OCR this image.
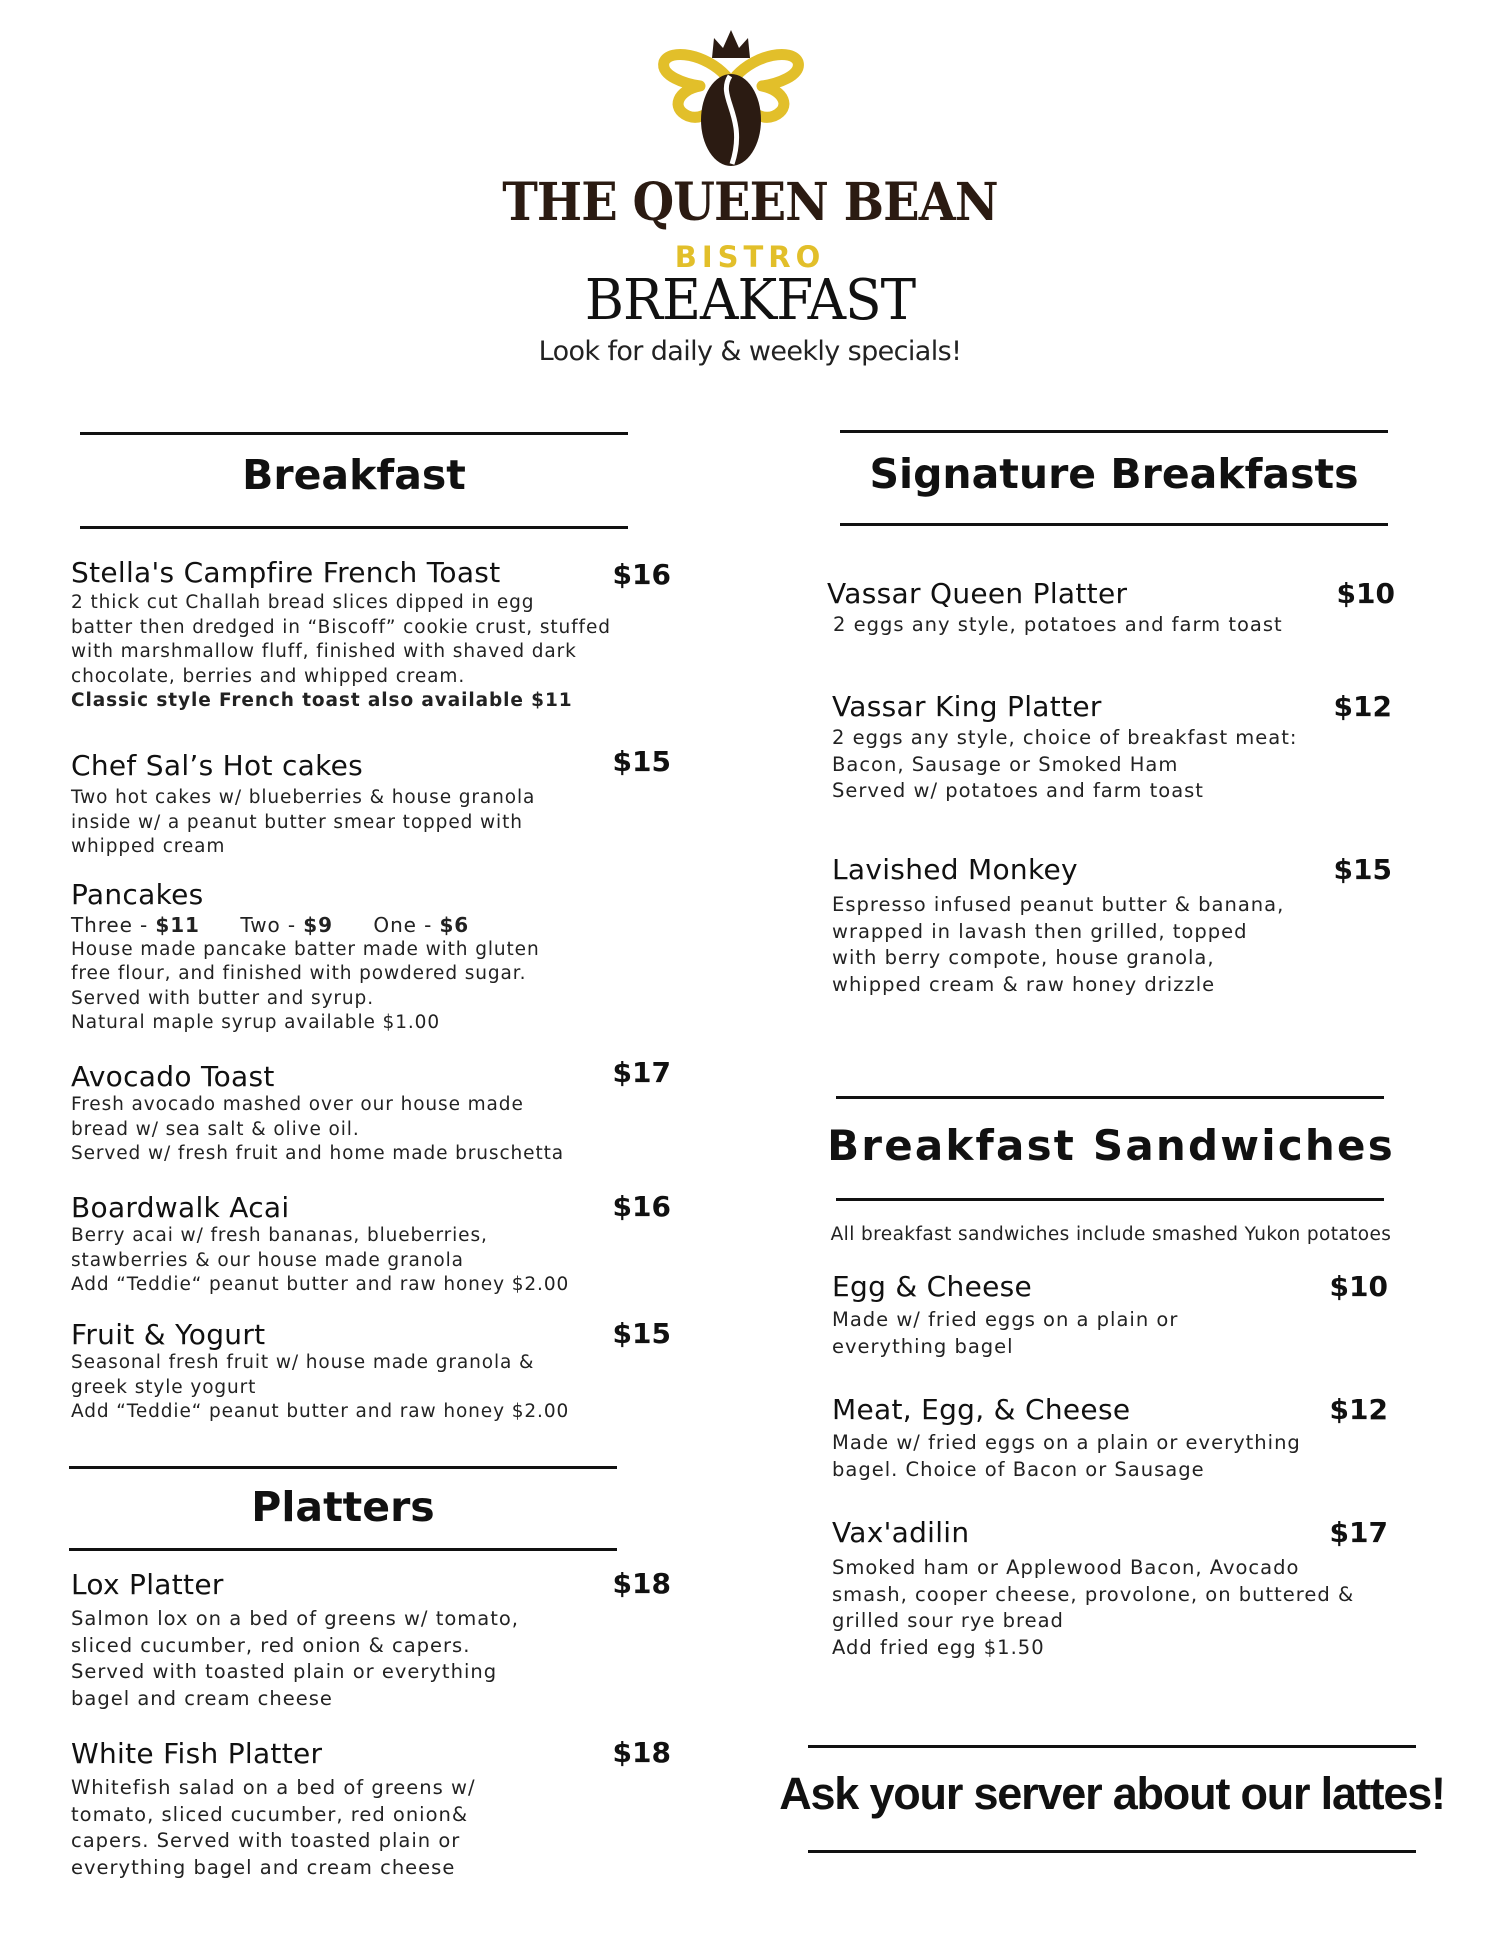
THE QUEEN BEAN
BISTRO
BREAKFAST
Look for daily & weekly specials!
Breakfast
Stella's Campfire French Toast	$16
2 thick cut Challah bread slices dipped in egg
batter then dredged in “Biscoff” cookie crust, stuffed
with marshmallow fluff, finished with shaved dark
chocolate, berries and whipped cream.
Classic style French toast also available $11
Chef Sal’s Hot cakes	$15
Two hot cakes w/ blueberries & house granola
inside w/ a peanut butter smear topped with
whipped cream
Pancakes
Three - $11 Two - $9 One - $6
House made pancake batter made with gluten
free flour, and finished with powdered sugar.
Served with butter and syrup.
Natural maple syrup available $1.00
Avocado Toast	$17
Fresh avocado mashed over our house made
bread w/ sea salt & olive oil.
Served w/ fresh fruit and home made bruschetta
Boardwalk Acai	$16
Berry acai w/ fresh bananas, blueberries,
stawberries & our house made granola
Add “Teddie“ peanut butter and raw honey $2.00
Fruit & Yogurt	$15
Seasonal fresh fruit w/ house made granola &
greek style yogurt
Add “Teddie“ peanut butter and raw honey $2.00
Platters
Lox Platter	$18
Salmon lox on a bed of greens w/ tomato,
sliced cucumber, red onion & capers.
Served with toasted plain or everything
bagel and cream cheese
White Fish Platter	$18
Whitefish salad on a bed of greens w/
tomato, sliced cucumber, red onion&
capers. Served with toasted plain or
everything bagel and cream cheese
Signature Breakfasts
Vassar Queen Platter	$10
2 eggs any style, potatoes and farm toast
Vassar King Platter	$12
2 eggs any style, choice of breakfast meat:
Bacon, Sausage or Smoked Ham
Served w/ potatoes and farm toast
Lavished Monkey	$15
Espresso infused peanut butter & banana,
wrapped in lavash then grilled, topped
with berry compote, house granola,
whipped cream & raw honey drizzle
Breakfast Sandwiches
All breakfast sandwiches include smashed Yukon potatoes
Egg & Cheese	$10
Made w/ fried eggs on a plain or
everything bagel
Meat, Egg, & Cheese	$12
Made w/ fried eggs on a plain or everything
bagel. Choice of Bacon or Sausage
Vax'adilin	$17
Smoked ham or Applewood Bacon, Avocado
smash, cooper cheese, provolone, on buttered &
grilled sour rye bread
Add fried egg $1.50
Ask your server about our lattes!
